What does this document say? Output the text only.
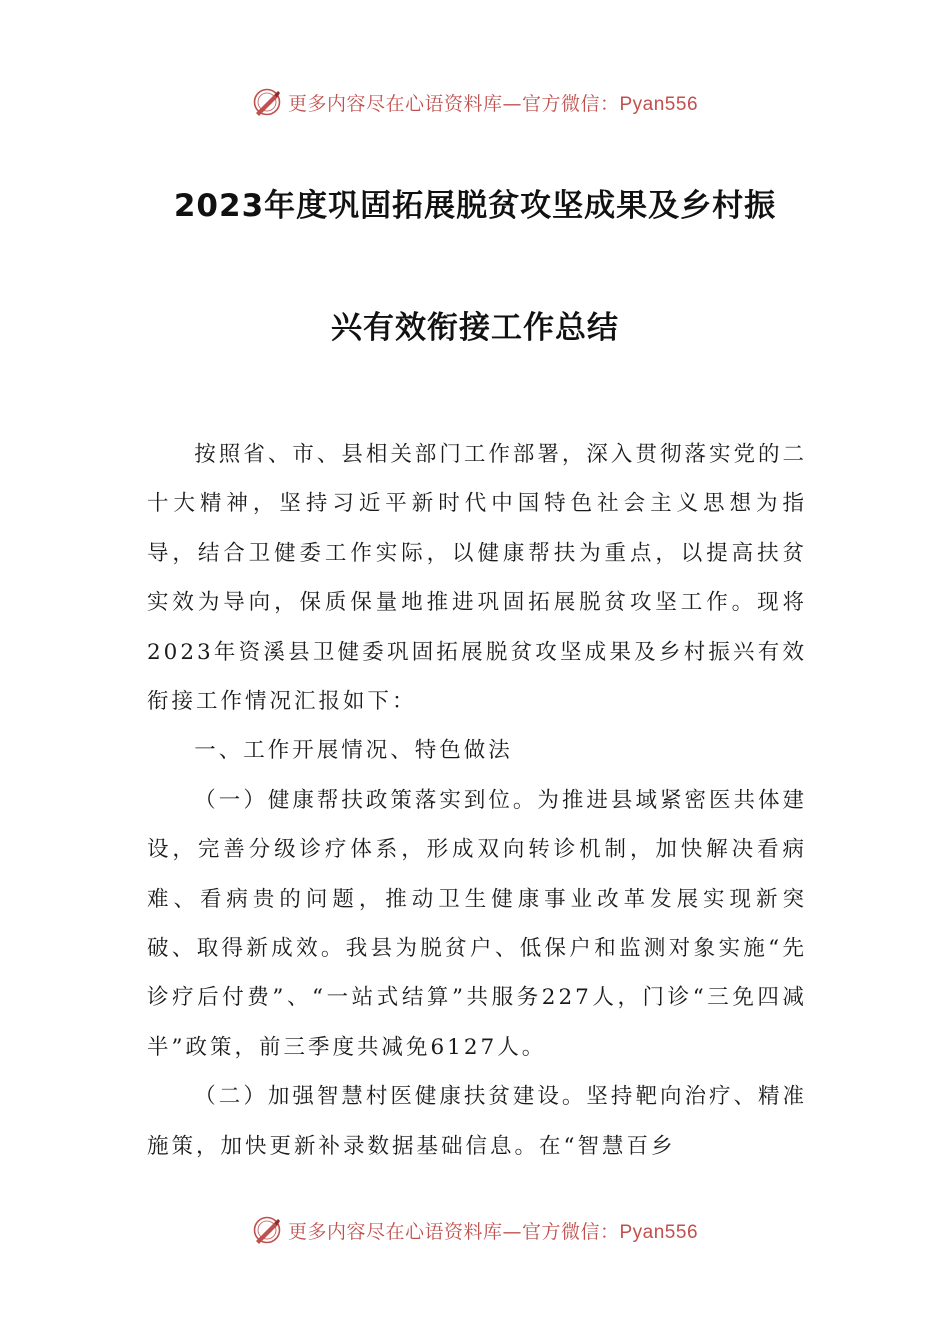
更多内容尽在心语资料库—官方微信：Pyan556
2023年度巩固拓展脱贫攻坚成果及乡村振
兴有效衔接工作总结

按照省、市、县相关部门工作部署，深入贯彻落实党的二十大精神，坚持习近平新时代中国特色社会主义思想为指导，结合卫健委工作实际，以健康帮扶为重点，以提高扶贫实效为导向，保质保量地推进巩固拓展脱贫攻坚工作。现将2023年资溪县卫健委巩固拓展脱贫攻坚成果及乡村振兴有效衔接工作情况汇报如下：

一、工作开展情况、特色做法

（一）健康帮扶政策落实到位。为推进县域紧密医共体建设，完善分级诊疗体系，形成双向转诊机制，加快解决看病难、看病贵的问题，推动卫生健康事业改革发展实现新突破、取得新成效。我县为脱贫户、低保户和监测对象实施“先诊疗后付费”、“一站式结算”共服务227人，门诊“三免四减半”政策，前三季度共减免6127人。

（二）加强智慧村医健康扶贫建设。坚持靶向治疗、精准施策，加快更新补录数据基础信息。在“智慧百乡

更多内容尽在心语资料库—官方微信：Pyan556
